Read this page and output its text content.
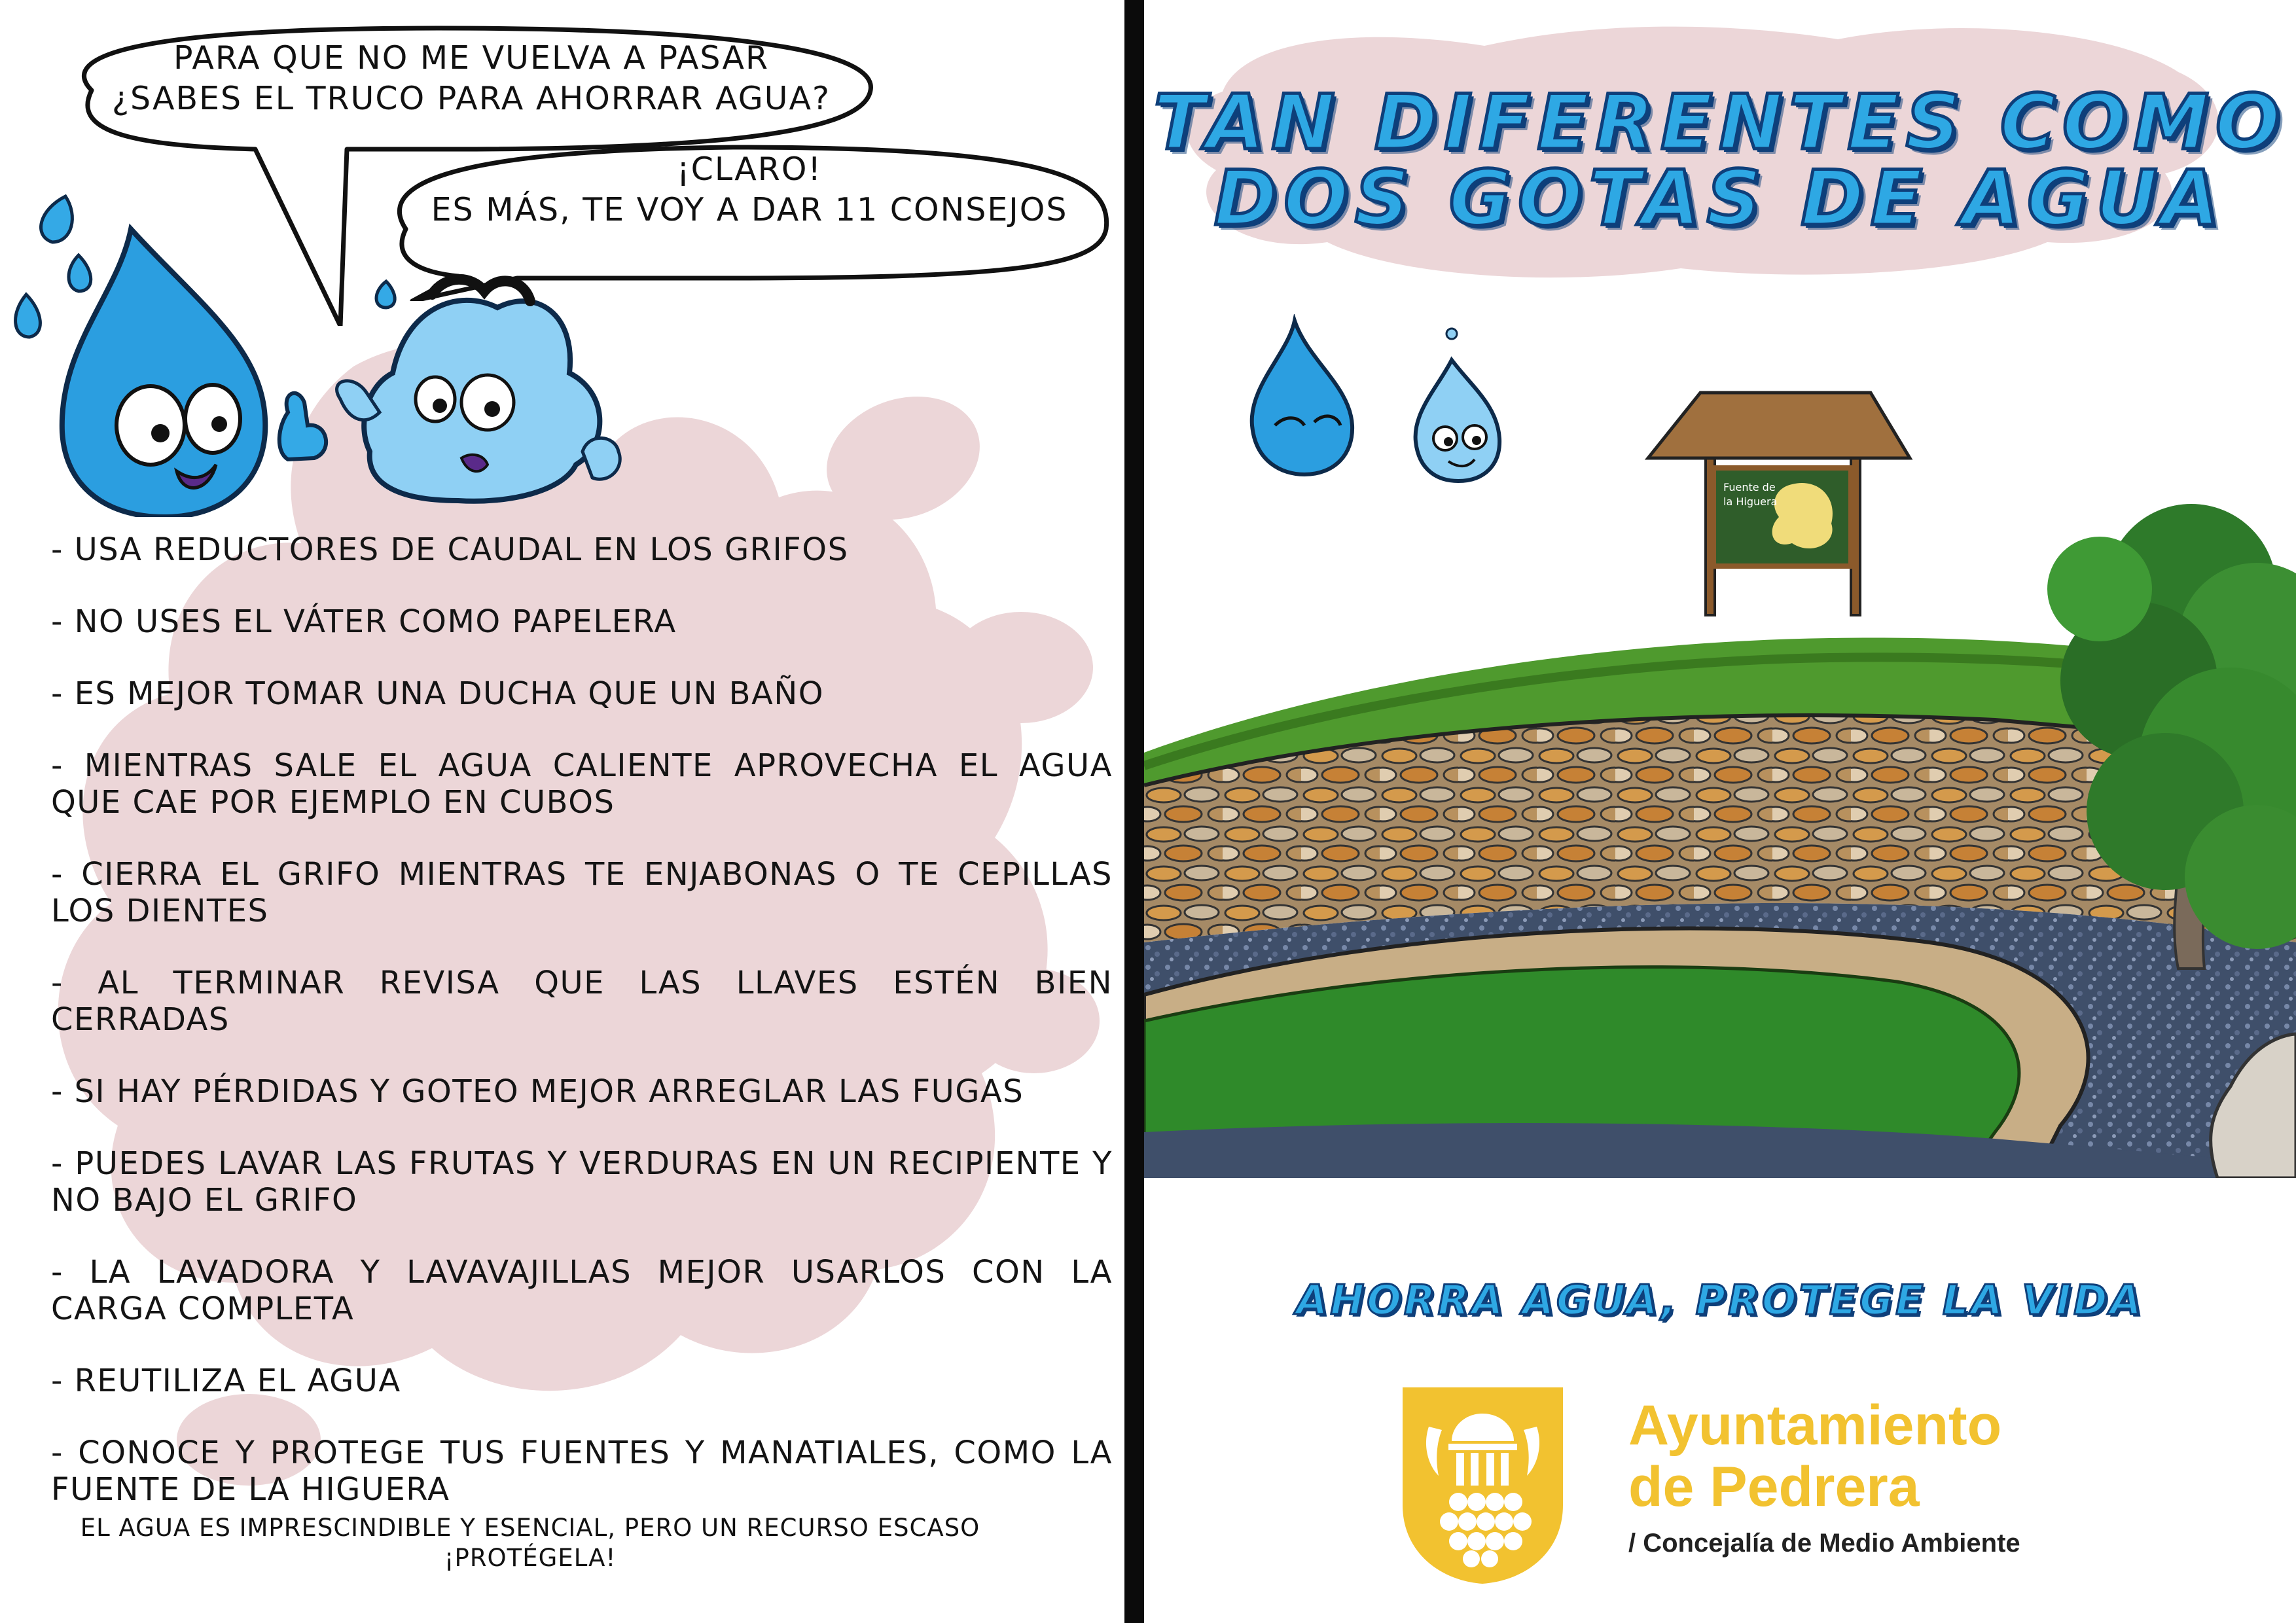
PARA QUE NO ME VUELVA A PASAR
¿SABES EL TRUCO PARA AHORRAR AGUA?
¡CLARO!
ES MÁS, TE VOY A DAR 11 CONSEJOS

- USA REDUCTORES DE CAUDAL EN LOS GRIFOS

- NO USES EL VÁTER COMO PAPELERA

- ES MEJOR TOMAR UNA DUCHA QUE UN BAÑO

- MIENTRAS SALE EL AGUA CALIENTE APROVECHA EL AGUA QUE CAE POR EJEMPLO EN CUBOS

- CIERRA EL GRIFO MIENTRAS TE ENJABONAS O TE CEPILLAS LOS DIENTES

- AL TERMINAR REVISA QUE LAS LLAVES ESTÉN BIEN CERRADAS

- SI HAY PÉRDIDAS Y GOTEO MEJOR ARREGLAR LAS FUGAS

- PUEDES LAVAR LAS FRUTAS Y VERDURAS EN UN RECIPIENTE Y NO BAJO EL GRIFO

- LA LAVADORA Y LAVAVAJILLAS MEJOR USARLOS CON LA CARGA COMPLETA

- REUTILIZA EL AGUA

- CONOCE Y PROTEGE TUS FUENTES Y MANATIALES, COMO LA FUENTE DE LA HIGUERA

EL AGUA ES IMPRESCINDIBLE Y ESENCIAL, PERO UN RECURSO ESCASO
¡PROTÉGELA!
TAN DIFERENTES COMO
DOS GOTAS DE AGUA
Fuente de
la Higuera
AHORRA AGUA, PROTEGE LA VIDA
Ayuntamiento
de Pedrera
/ Concejalía de Medio Ambiente
